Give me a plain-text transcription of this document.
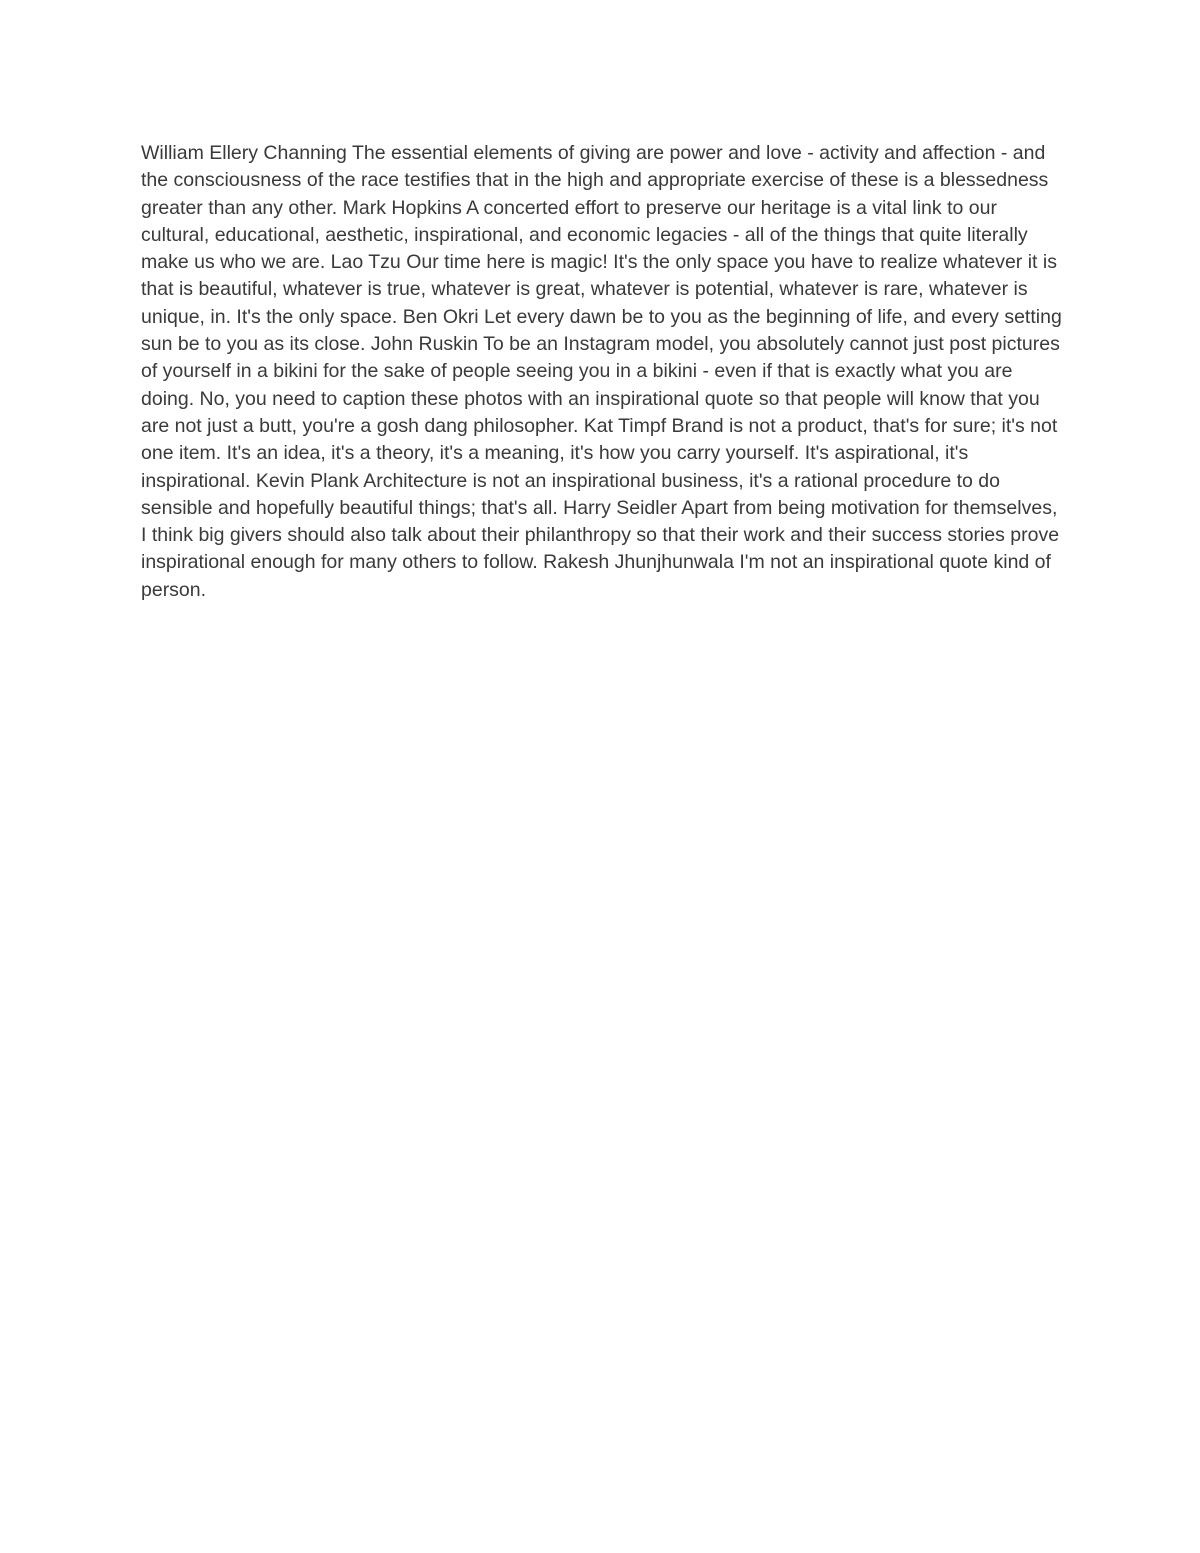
William Ellery Channing The essential elements of giving are power and love - activity and affection - and the consciousness of the race testifies that in the high and appropriate exercise of these is a blessedness greater than any other. Mark Hopkins A concerted effort to preserve our heritage is a vital link to our cultural, educational, aesthetic, inspirational, and economic legacies - all of the things that quite literally make us who we are. Lao Tzu Our time here is magic! It's the only space you have to realize whatever it is that is beautiful, whatever is true, whatever is great, whatever is potential, whatever is rare, whatever is unique, in. It's the only space. Ben Okri Let every dawn be to you as the beginning of life, and every setting sun be to you as its close. John Ruskin To be an Instagram model, you absolutely cannot just post pictures of yourself in a bikini for the sake of people seeing you in a bikini - even if that is exactly what you are doing. No, you need to caption these photos with an inspirational quote so that people will know that you are not just a butt, you're a gosh dang philosopher. Kat Timpf Brand is not a product, that's for sure; it's not one item. It's an idea, it's a theory, it's a meaning, it's how you carry yourself. It's aspirational, it's inspirational. Kevin Plank Architecture is not an inspirational business, it's a rational procedure to do sensible and hopefully beautiful things; that's all. Harry Seidler Apart from being motivation for themselves, I think big givers should also talk about their philanthropy so that their work and their success stories prove inspirational enough for many others to follow. Rakesh Jhunjhunwala I'm not an inspirational quote kind of person.
